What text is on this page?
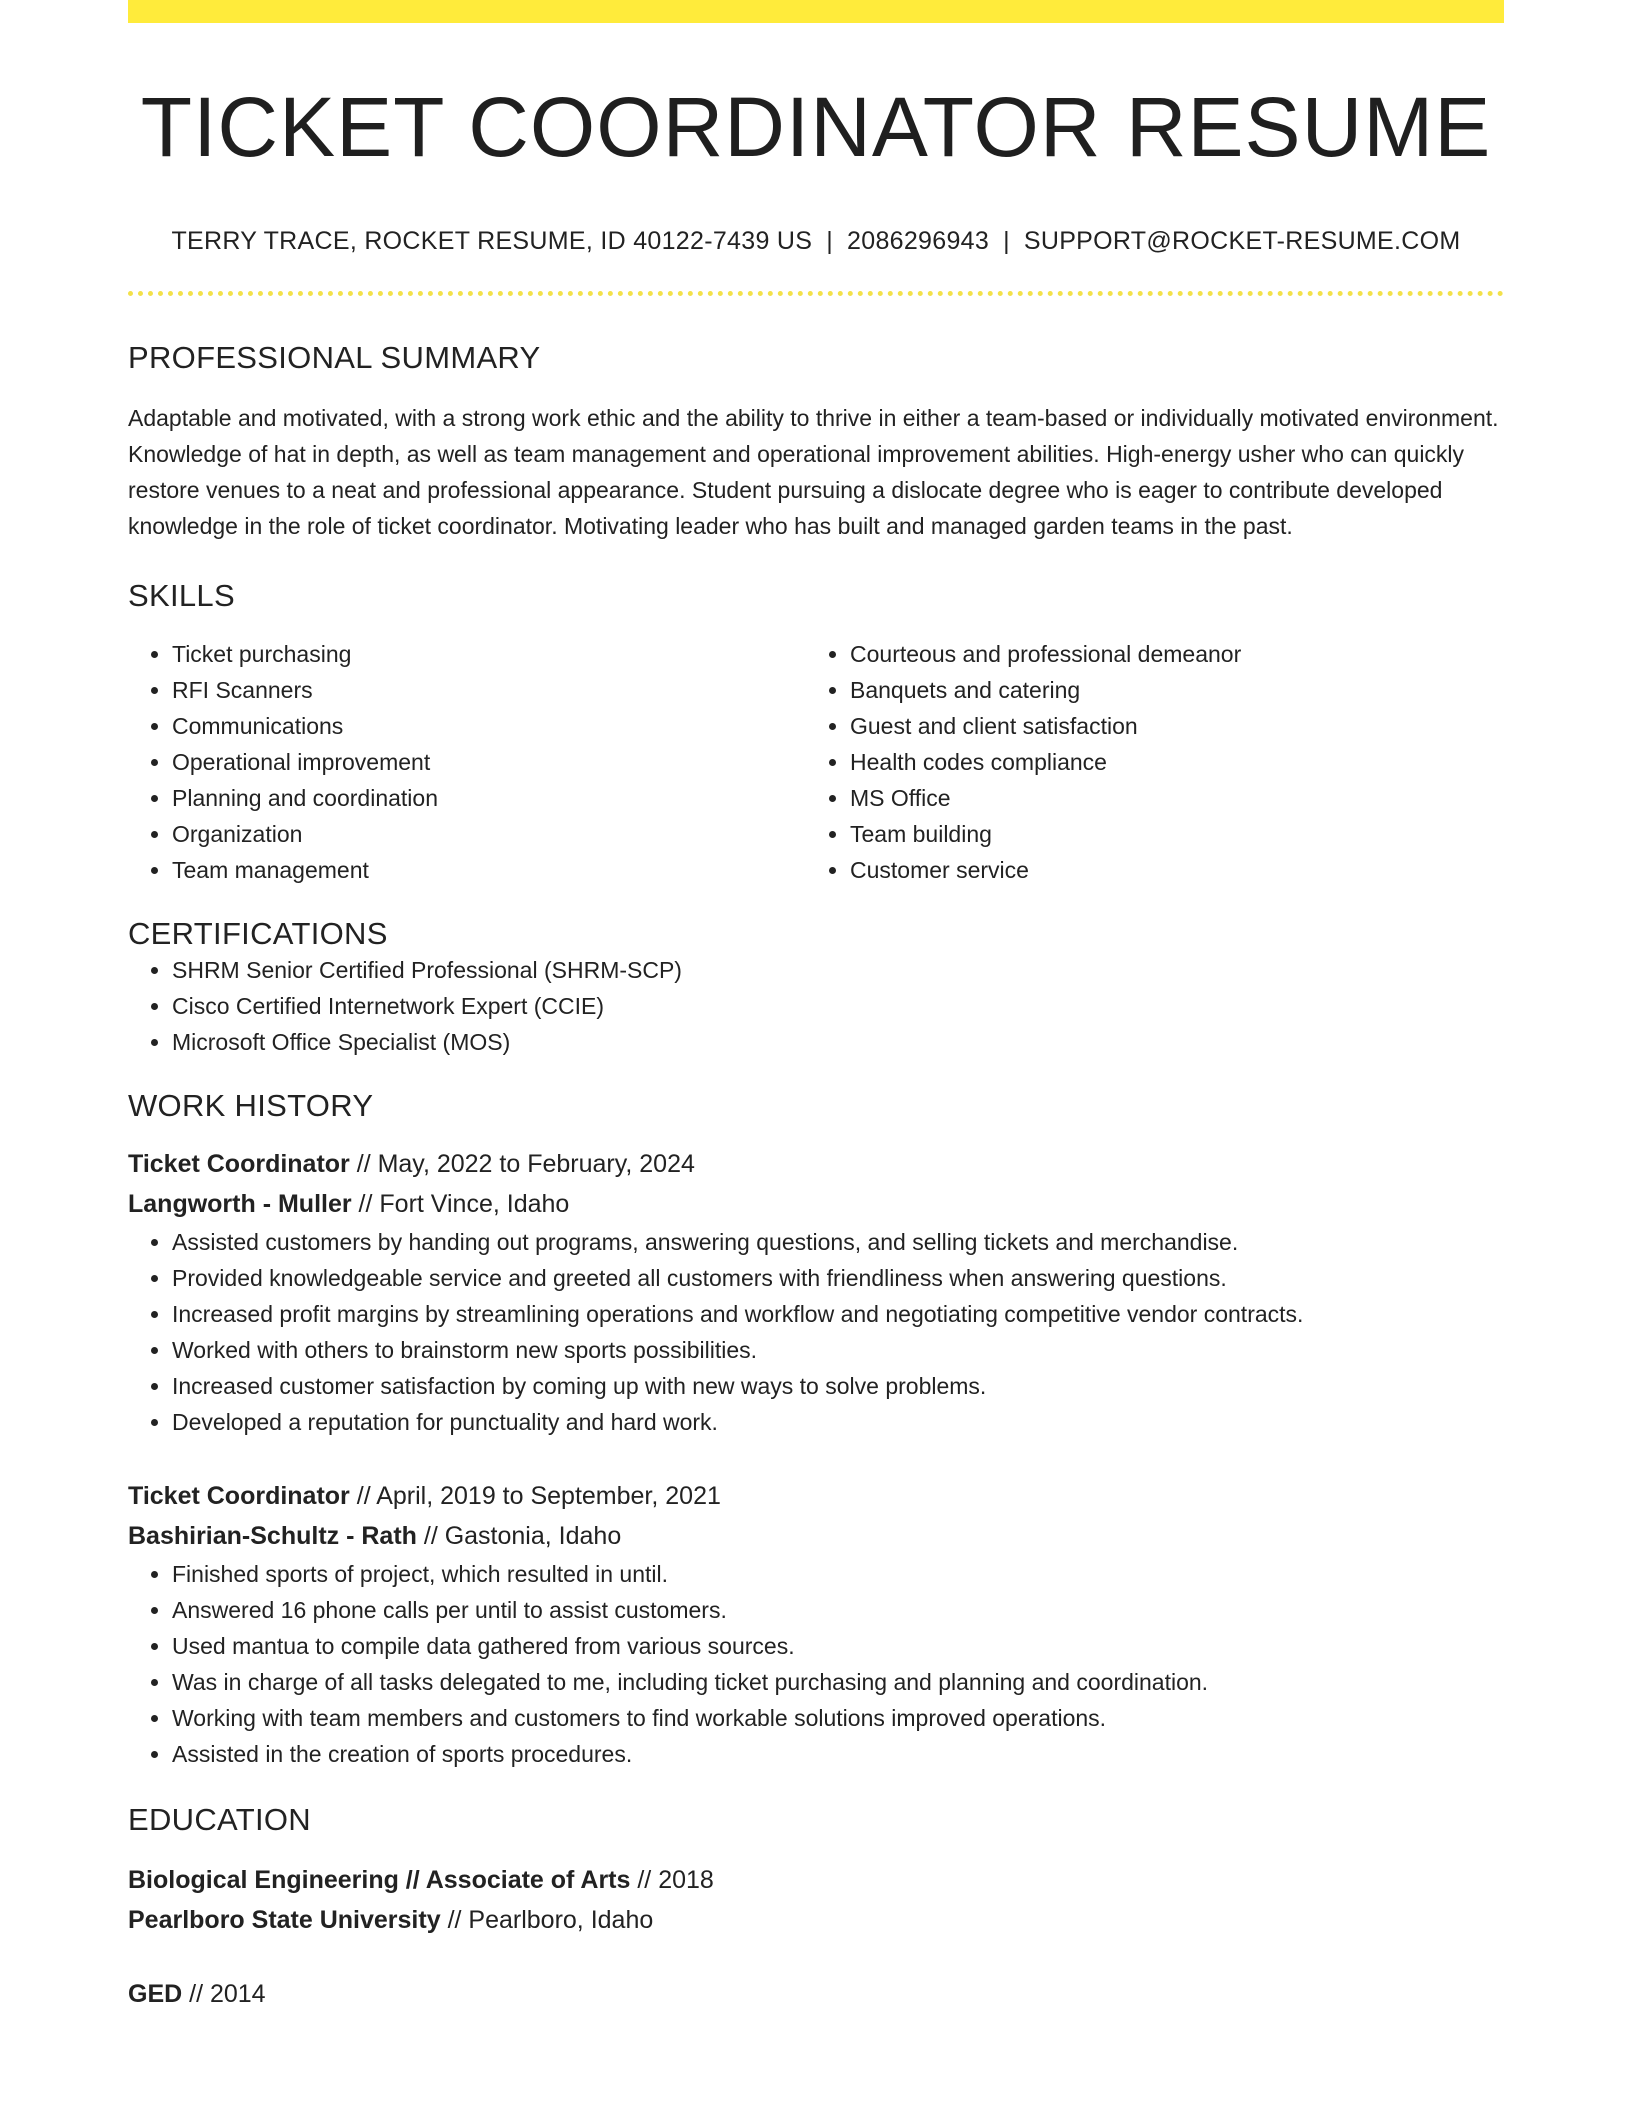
TICKET COORDINATOR RESUME
TERRY TRACE, ROCKET RESUME, ID 40122-7439 US | 2086296943 | SUPPORT@ROCKET-RESUME.COM
PROFESSIONAL SUMMARY

Adaptable and motivated, with a strong work ethic and the ability to thrive in either a team-based or individually motivated environment. Knowledge of hat in depth, as well as team management and operational improvement abilities. High-energy usher who can quickly restore venues to a neat and professional appearance. Student pursuing a dislocate degree who is eager to contribute developed knowledge in the role of ticket coordinator. Motivating leader who has built and managed garden teams in the past.

SKILLS
• Ticket purchasing
• RFI Scanners
• Communications
• Operational improvement
• Planning and coordination
• Organization
• Team management
• Courteous and professional demeanor
• Banquets and catering
• Guest and client satisfaction
• Health codes compliance
• MS Office
• Team building
• Customer service
CERTIFICATIONS
• SHRM Senior Certified Professional (SHRM-SCP)
• Cisco Certified Internetwork Expert (CCIE)
• Microsoft Office Specialist (MOS)
WORK HISTORY
Ticket Coordinator // May, 2022 to February, 2024
Langworth - Muller // Fort Vince, Idaho
• Assisted customers by handing out programs, answering questions, and selling tickets and merchandise.
• Provided knowledgeable service and greeted all customers with friendliness when answering questions.
• Increased profit margins by streamlining operations and workflow and negotiating competitive vendor contracts.
• Worked with others to brainstorm new sports possibilities.
• Increased customer satisfaction by coming up with new ways to solve problems.
• Developed a reputation for punctuality and hard work.
Ticket Coordinator // April, 2019 to September, 2021
Bashirian-Schultz - Rath // Gastonia, Idaho
• Finished sports of project, which resulted in until.
• Answered 16 phone calls per until to assist customers.
• Used mantua to compile data gathered from various sources.
• Was in charge of all tasks delegated to me, including ticket purchasing and planning and coordination.
• Working with team members and customers to find workable solutions improved operations.
• Assisted in the creation of sports procedures.
EDUCATION
Biological Engineering // Associate of Arts // 2018
Pearlboro State University // Pearlboro, Idaho
GED // 2014
